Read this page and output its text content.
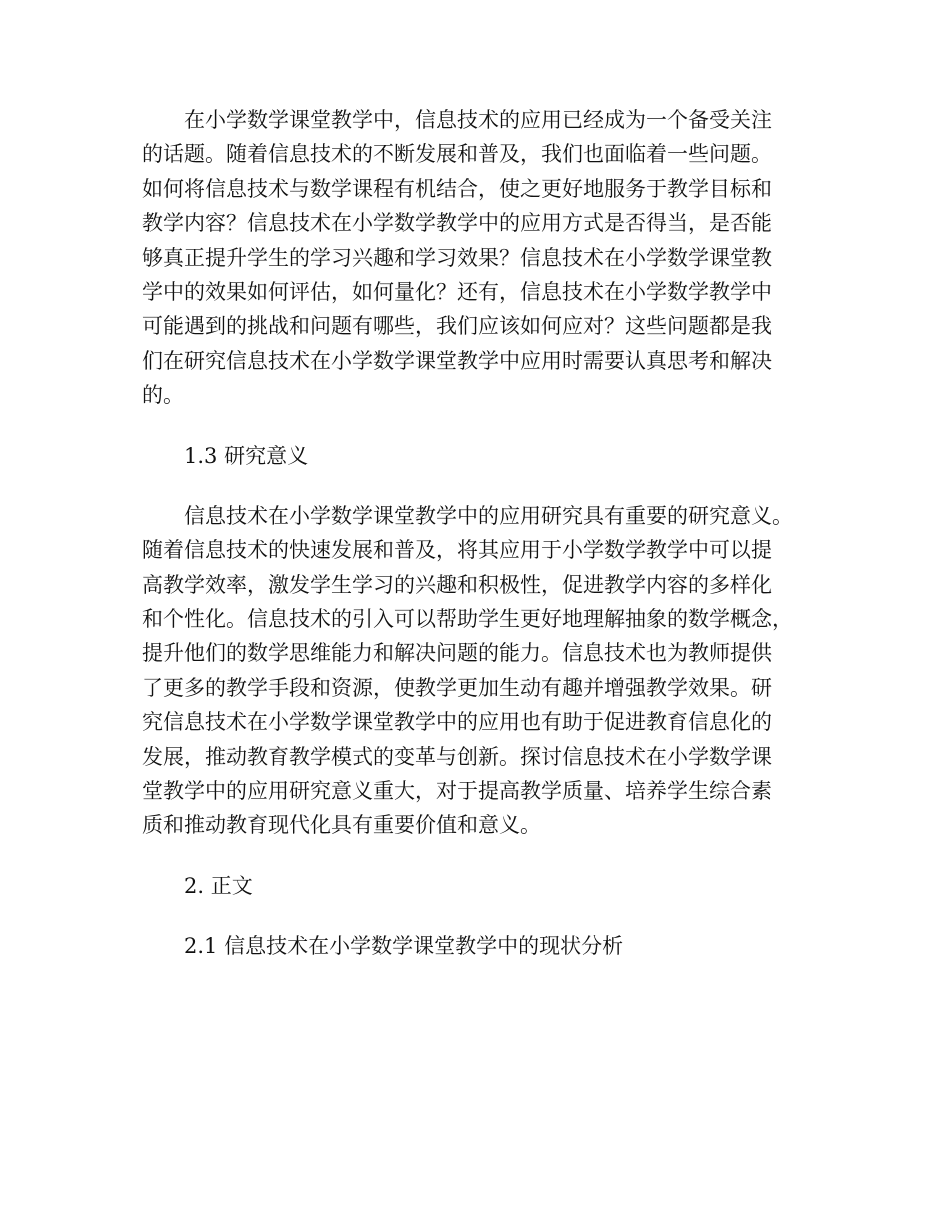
在小学数学课堂教学中，信息技术的应用已经成为一个备受关注
的话题。随着信息技术的不断发展和普及，我们也面临着一些问题。
如何将信息技术与数学课程有机结合，使之更好地服务于教学目标和
教学内容？信息技术在小学数学教学中的应用方式是否得当，是否能
够真正提升学生的学习兴趣和学习效果？信息技术在小学数学课堂教
学中的效果如何评估，如何量化？还有，信息技术在小学数学教学中
可能遇到的挑战和问题有哪些，我们应该如何应对？这些问题都是我
们在研究信息技术在小学数学课堂教学中应用时需要认真思考和解决
的。
1.3 研究意义
信息技术在小学数学课堂教学中的应用研究具有重要的研究意义。
随着信息技术的快速发展和普及，将其应用于小学数学教学中可以提
高教学效率，激发学生学习的兴趣和积极性，促进教学内容的多样化
和个性化。信息技术的引入可以帮助学生更好地理解抽象的数学概念，
提升他们的数学思维能力和解决问题的能力。信息技术也为教师提供
了更多的教学手段和资源，使教学更加生动有趣并增强教学效果。研
究信息技术在小学数学课堂教学中的应用也有助于促进教育信息化的
发展，推动教育教学模式的变革与创新。探讨信息技术在小学数学课
堂教学中的应用研究意义重大，对于提高教学质量、培养学生综合素
质和推动教育现代化具有重要价值和意义。
2. 正文
2.1 信息技术在小学数学课堂教学中的现状分析
